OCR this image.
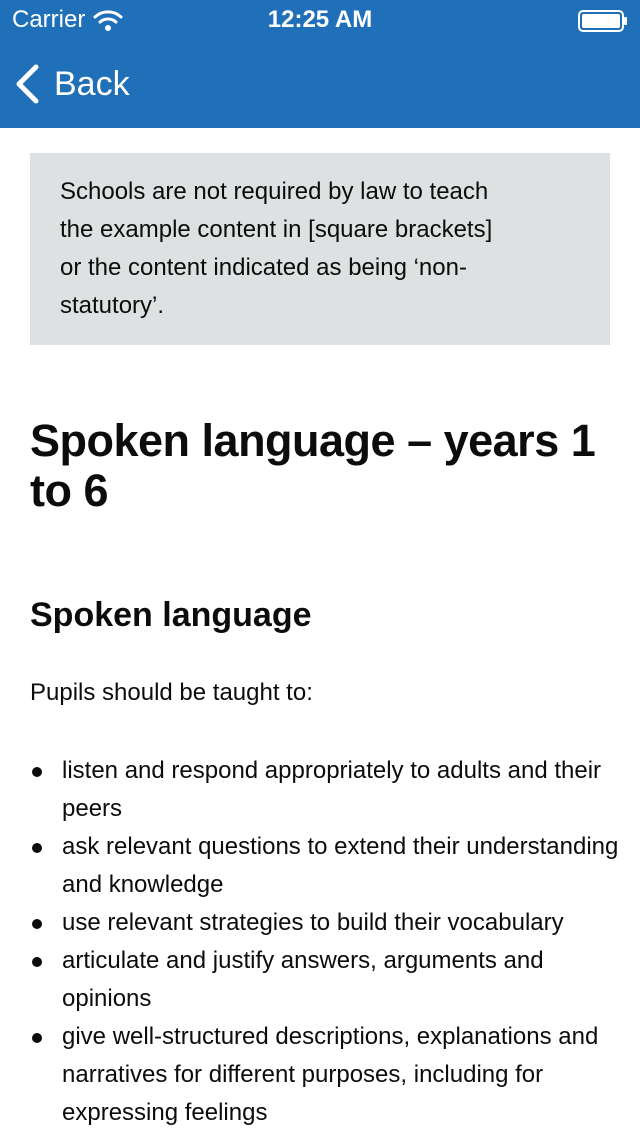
Carrier	12:25 AM
Back

Schools are not required by law to teach the example content in [square brackets] or the content indicated as being ‘non-statutory’.

Spoken language – years 1 to 6
Spoken language

Pupils should be taught to:

listen and respond appropriately to adults and their peers
ask relevant questions to extend their understanding and knowledge
use relevant strategies to build their vocabulary
articulate and justify answers, arguments and opinions
give well-structured descriptions, explanations and narratives for different purposes, including for expressing feelings
